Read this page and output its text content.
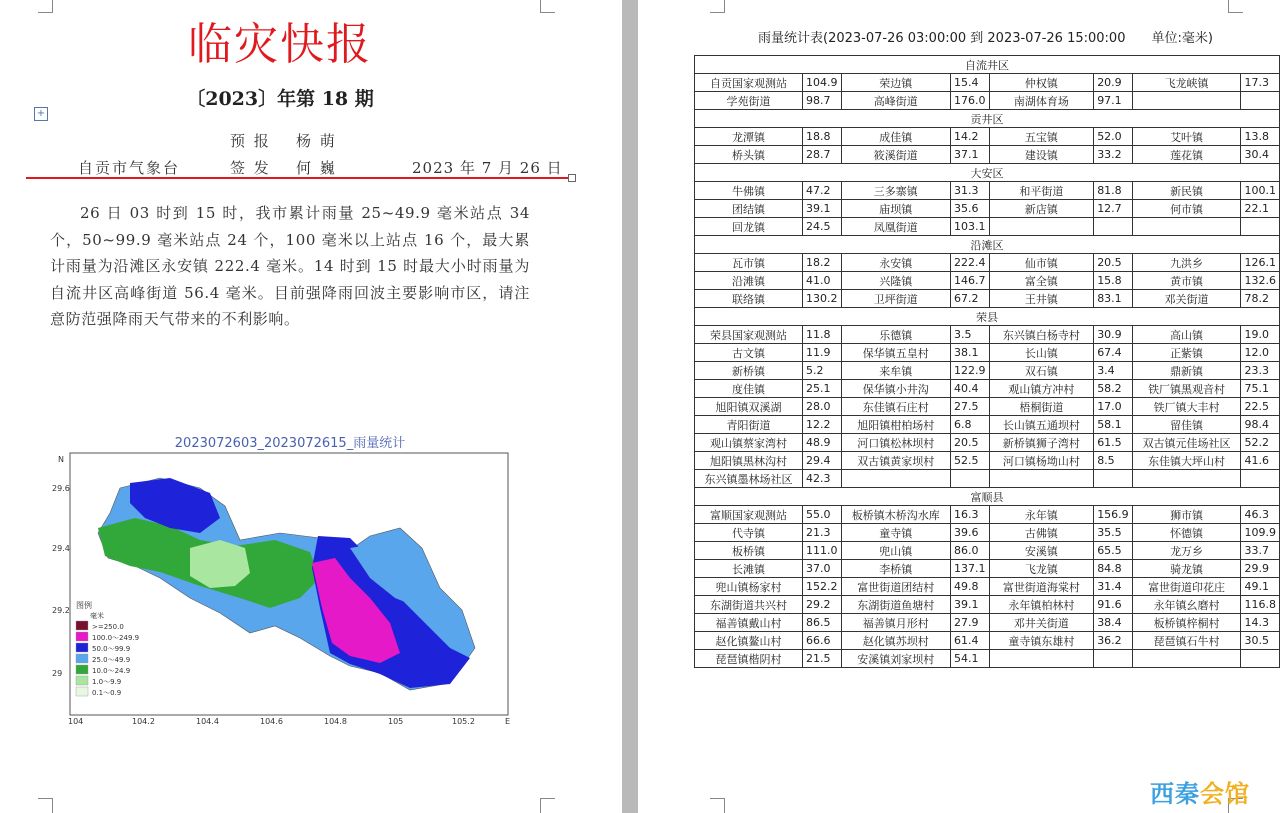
临灾快报
〔2023〕年第 18 期
+
预 报 杨 萌
自贡市气象台	签 发 何 巍	2023 年 7 月 26 日
26 日 03 时到 15 时，我市累计雨量 25~49.9 毫米站点 34 个，50~99.9 毫米站点 24 个，100 毫米以上站点 16 个，最大累计雨量为沿滩区永安镇 222.4 毫米。14 时到 15 时最大小时雨量为自流井区高峰街道 56.4 毫米。目前强降雨回波主要影响市区，请注意防范强降雨天气带来的不利影响。
2023072603_2023072615_雨量统计
29.6
29.4
29.2
29
104	104.2	104.4	104.6	104.8	105	105.2
N
E
图例
毫米
>=250.0
100.0～249.9
50.0～99.9
25.0～49.9
10.0～24.9
1.0～9.9
0.1～0.9
雨量统计表(2023-07-26 03:00:00 到 2023-07-26 15:00:00　　单位:毫米)
自流井区							
自贡国家观测站	104.9	荣边镇	15.4	仲权镇	20.9	飞龙峡镇	17.3
学苑街道	98.7	高峰街道	176.0	南湖体育场	97.1		
贡井区							
龙潭镇	18.8	成佳镇	14.2	五宝镇	52.0	艾叶镇	13.8
桥头镇	28.7	筱溪街道	37.1	建设镇	33.2	莲花镇	30.4
大安区							
牛佛镇	47.2	三多寨镇	31.3	和平街道	81.8	新民镇	100.1
团结镇	39.1	庙坝镇	35.6	新店镇	12.7	何市镇	22.1
回龙镇	24.5	凤凰街道	103.1				
沿滩区							
瓦市镇	18.2	永安镇	222.4	仙市镇	20.5	九洪乡	126.1
沿滩镇	41.0	兴隆镇	146.7	富全镇	15.8	黄市镇	132.6
联络镇	130.2	卫坪街道	67.2	王井镇	83.1	邓关街道	78.2
荣县							
荣县国家观测站	11.8	乐德镇	3.5	东兴镇白杨寺村	30.9	高山镇	19.0
古文镇	11.9	保华镇五皇村	38.1	长山镇	67.4	正紫镇	12.0
新桥镇	5.2	来牟镇	122.9	双石镇	3.4	鼎新镇	23.3
度佳镇	25.1	保华镇小井沟	40.4	观山镇方冲村	58.2	铁厂镇黑观音村	75.1
旭阳镇双溪湖	28.0	东佳镇石庄村	27.5	梧桐街道	17.0	铁厂镇大丰村	22.5
青阳街道	12.2	旭阳镇柑柏场村	6.8	长山镇五通坝村	58.1	留佳镇	98.4
观山镇蔡家湾村	48.9	河口镇松林坝村	20.5	新桥镇狮子湾村	61.5	双古镇元佳场社区	52.2
旭阳镇黑林沟村	29.4	双古镇黄家坝村	52.5	河口镇杨坳山村	8.5	东佳镇大坪山村	41.6
东兴镇墨林场社区	42.3						
富顺县							
富顺国家观测站	55.0	板桥镇木桥沟水库	16.3	永年镇	156.9	狮市镇	46.3
代寺镇	21.3	童寺镇	39.6	古佛镇	35.5	怀德镇	109.9
板桥镇	111.0	兜山镇	86.0	安溪镇	65.5	龙万乡	33.7
长滩镇	37.0	李桥镇	137.1	飞龙镇	84.8	骑龙镇	29.9
兜山镇杨家村	152.2	富世街道团结村	49.8	富世街道海棠村	31.4	富世街道印花庄	49.1
东湖街道共兴村	29.2	东湖街道鱼塘村	39.1	永年镇柏林村	91.6	永年镇幺磨村	116.8
福善镇戴山村	86.5	福善镇月形村	27.9	邓井关街道	38.4	板桥镇梓桐村	14.3
赵化镇鳌山村	66.6	赵化镇苏坝村	61.4	童寺镇东雄村	36.2	琵琶镇石牛村	30.5
琵琶镇楷阴村	21.5	安溪镇刘家坝村	54.1				
西秦会馆
